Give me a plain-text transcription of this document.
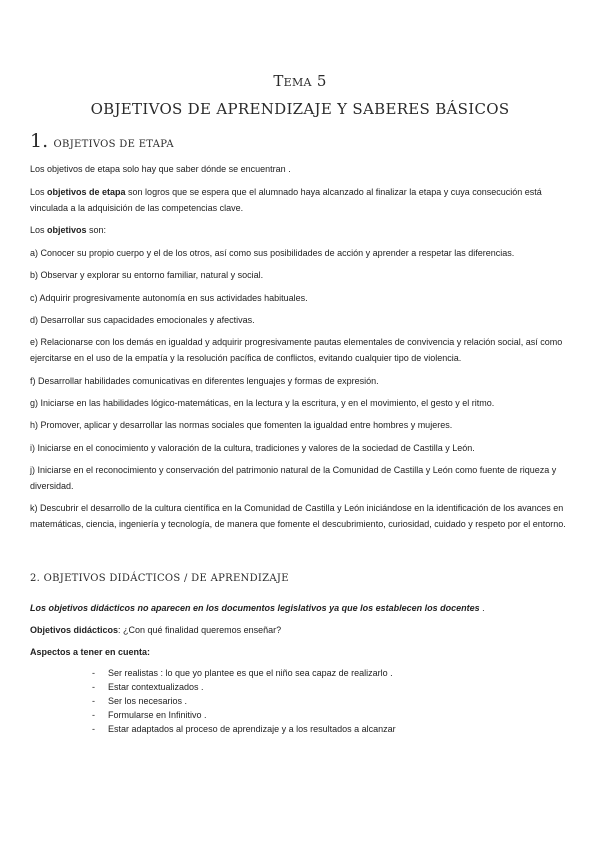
Tema 5
OBJETIVOS DE APRENDIZAJE Y SABERES BÁSICOS
1. OBJETIVOS DE ETAPA
Los objetivos de etapa solo hay que saber dónde se encuentran .
Los objetivos de etapa son logros que se espera que el alumnado haya alcanzado al finalizar la etapa y cuya consecución está vinculada a la adquisición de las competencias clave.
Los objetivos son:
a) Conocer su propio cuerpo y el de los otros, así como sus posibilidades de acción y aprender a respetar las diferencias.
b) Observar y explorar su entorno familiar, natural y social.
c) Adquirir progresivamente autonomía en sus actividades habituales.
d) Desarrollar sus capacidades emocionales y afectivas.
e) Relacionarse con los demás en igualdad y adquirir progresivamente pautas elementales de convivencia y relación social, así como ejercitarse en el uso de la empatía y la resolución pacífica de conflictos, evitando cualquier tipo de violencia.
f) Desarrollar habilidades comunicativas en diferentes lenguajes y formas de expresión.
g) Iniciarse en las habilidades lógico-matemáticas, en la lectura y la escritura, y en el movimiento, el gesto y el ritmo.
h) Promover, aplicar y desarrollar las normas sociales que fomenten la igualdad entre hombres y mujeres.
i) Iniciarse en el conocimiento y valoración de la cultura, tradiciones y valores de la sociedad de Castilla y León.
j) Iniciarse en el reconocimiento y conservación del patrimonio natural de la Comunidad de Castilla y León como fuente de riqueza y diversidad.
k) Descubrir el desarrollo de la cultura científica en la Comunidad de Castilla y León iniciándose en la identificación de los avances en matemáticas, ciencia, ingeniería y tecnología, de manera que fomente el descubrimiento, curiosidad, cuidado y respeto por el entorno.
2. OBJETIVOS DIDÁCTICOS / DE APRENDIZAJE
Los objetivos didácticos no aparecen en los documentos legislativos ya que los establecen los docentes .
Objetivos didácticos: ¿Con qué finalidad queremos enseñar?
Aspectos a tener en cuenta:
- Ser realistas : lo que yo plantee es que el niño sea capaz de realizarlo .
- Estar contextualizados .
- Ser los necesarios .
- Formularse en Infinitivo .
- Estar adaptados al proceso de aprendizaje y a los resultados a alcanzar
